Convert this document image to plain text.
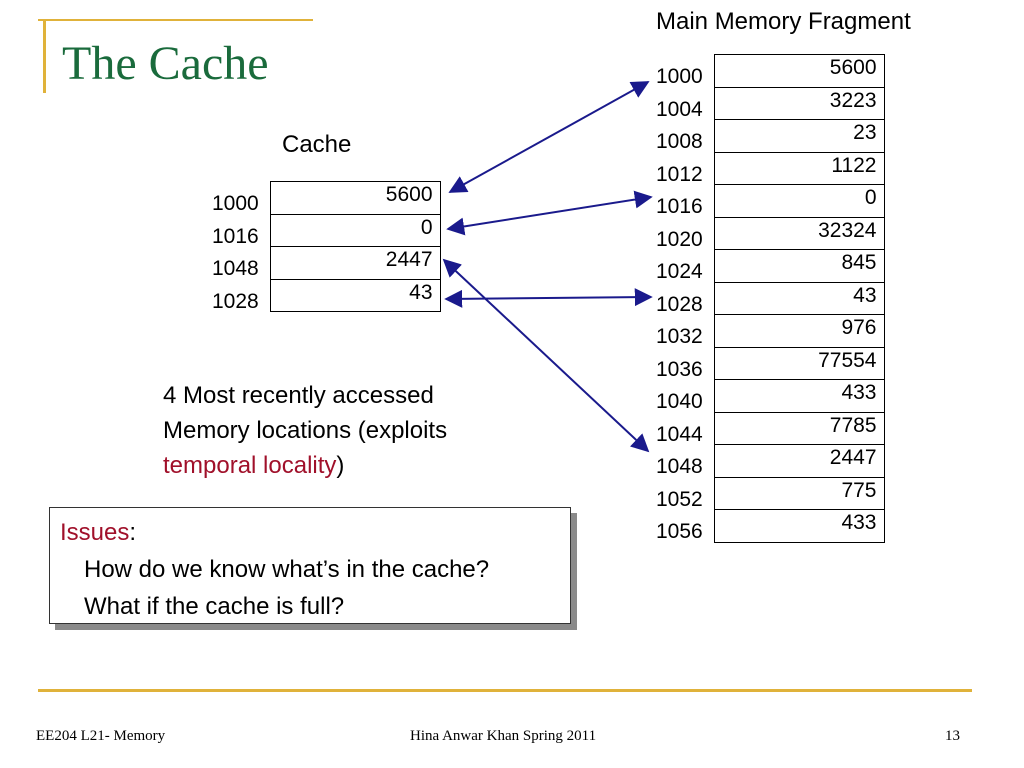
The Cache
Cache
Main Memory Fragment
1000	5600
1016	0
1048	2447
1028	43
1000	5600
1004	3223
1008	23
1012	1122
1016	0
1020	32324
1024	845
1028	43
1032	976
1036	77554
1040	433
1044	7785
1048	2447
1052	775
1056	433
4 Most recently accessed
Memory locations (exploits
temporal locality)
Issues:
How do we know what’s in the cache?
What if the cache is full?
EE204 L21- Memory	Hina Anwar Khan Spring 2011	13
